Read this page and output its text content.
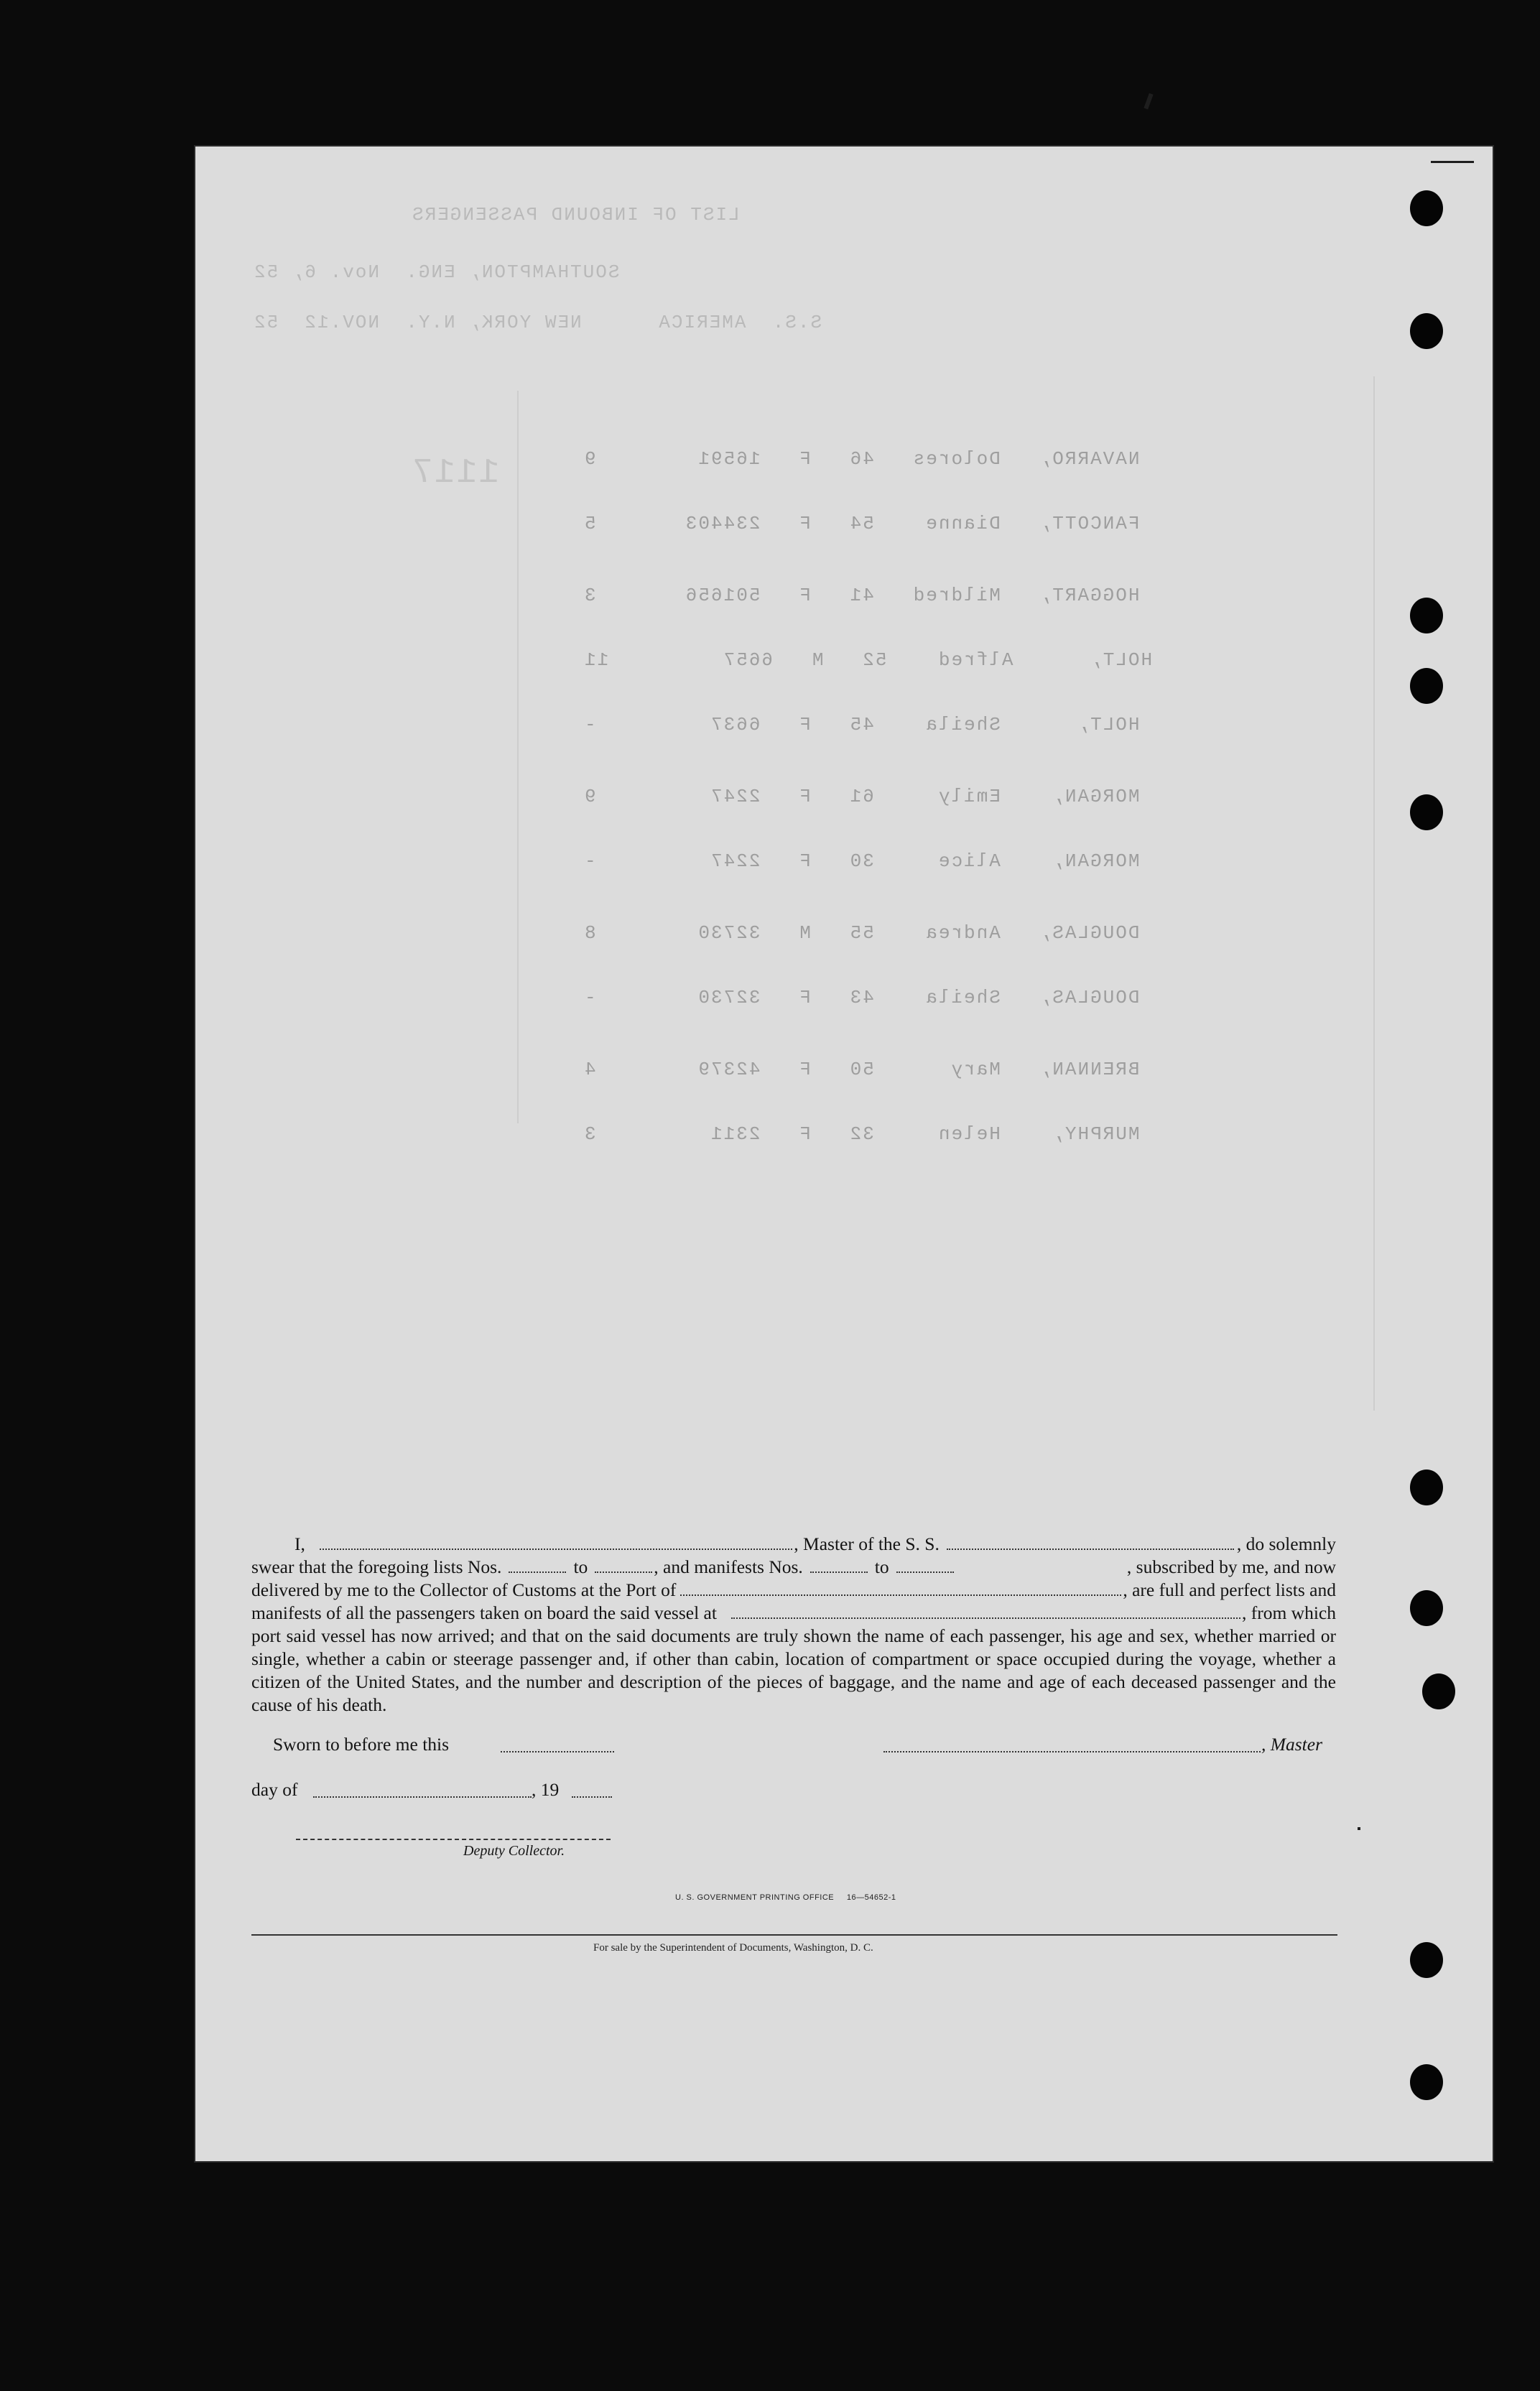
LIST OF INBOUND PASSENGERS
SOUTHAMPTON, ENG.  Nov. 6, 52
S.S.  AMERICA      NEW YORK, N.Y.  NOV.12  52
1117	NAVARRO,   Dolores   46   F   16591        9
FANCOTT,   Dianne    54   F   234403       5
HOGGART,   Mildred   41   F   501656       3
HOLT,      Alfred    52   M   6657         11
HOLT,      Sheila    45   F   6637         -
MORGAN,    Emily     61   F   2247         9
MORGAN,    Alice     30   F   2247         -
DOUGLAS,   Andrea    55   M   32730        8
DOUGLAS,   Sheila    43   F   32730        -
BRENNAN,   Mary      50   F   42379        4
MURPHY,    Helen     32   F   2311         3

I,	, Master of the S. S.	, do solemnly

swear that the foregoing lists Nos.	to	, and manifests Nos.	to	, subscribed by me, and now

delivered by me to the Collector of Customs at the Port of	, are full and perfect lists and

manifests of all the passengers taken on board the said vessel at	, from which

port said vessel has now arrived; and that on the said documents are truly shown the name of each passenger, his age and sex, whether married or single, whether a cabin or steerage passenger and, if other than cabin, location of compartment or space occupied during the voyage, whether a citizen of the United States, and the number and description of the pieces of baggage, and the name and age of each deceased passenger and the cause of his death.

Sworn to before me this	, Master
day of	, 19
Deputy Collector.
U. S. GOVERNMENT PRINTING OFFICE     16—54652-1
For sale by the Superintendent of Documents, Washington, D. C.
